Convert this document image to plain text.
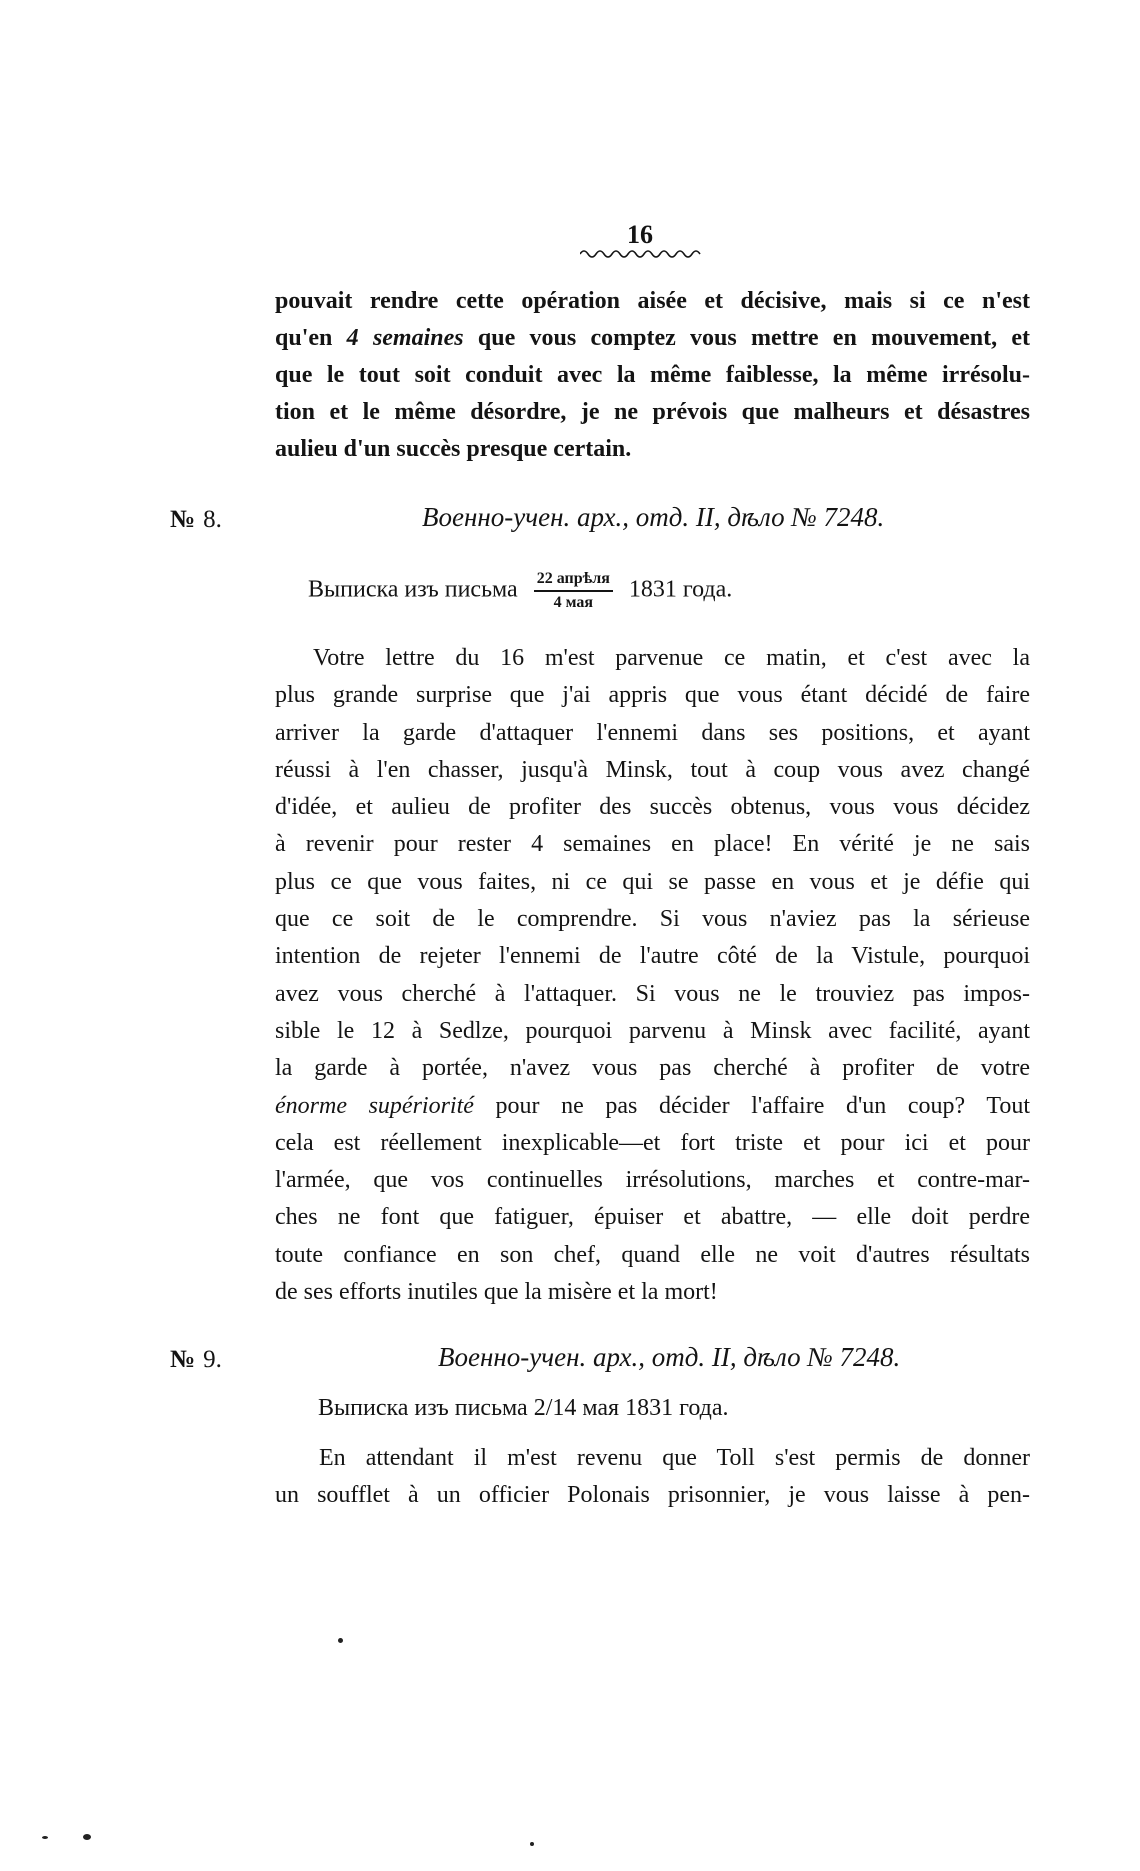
16
pouvait rendre cette opération aisée et décisive, mais si ce n'est
qu'en 4 semaines que vous comptez vous mettre en mouvement, et
que le tout soit conduit avec la même faiblesse, la même irrésolu-
tion et le même désordre, je ne prévois que malheurs et désastres
aulieu d'un succès presque certain.
№ 8.	Военно-учен. арх., отд. II, дѣло № 7248.
Выписка изъ письма $\frac{\text{22 апрѣля}}{\text{4 мая}} 1831$ года.
Votre lettre du 16 m'est parvenue ce matin, et c'est avec la
plus grande surprise que j'ai appris que vous étant décidé de faire
arriver la garde d'attaquer l'ennemi dans ses positions, et ayant
réussi à l'en chasser, jusqu'à Minsk, tout à coup vous avez changé
d'idée, et aulieu de profiter des succès obtenus, vous vous décidez
à revenir pour rester 4 semaines en place! En vérité je ne sais
plus ce que vous faites, ni ce qui se passe en vous et je défie qui
que ce soit de le comprendre. Si vous n'aviez pas la sérieuse
intention de rejeter l'ennemi de l'autre côté de la Vistule, pourquoi
avez vous cherché à l'attaquer. Si vous ne le trouviez pas impos-
sible le 12 à Sedlze, pourquoi parvenu à Minsk avec facilité, ayant
la garde à portée, n'avez vous pas cherché à profiter de votre
énorme supériorité pour ne pas décider l'affaire d'un coup? Tout
cela est réellement inexplicable—et fort triste et pour ici et pour
l'armée, que vos continuelles irrésolutions, marches et contre-mar-
ches ne font que fatiguer, épuiser et abattre, — elle doit perdre
toute confiance en son chef, quand elle ne voit d'autres résultats
de ses efforts inutiles que la misère et la mort!
№ 9.	Военно-учен. арх., отд. II, дѣло № 7248.
Выписка изъ письма 2/14 мая 1831 года.
En attendant il m'est revenu que Toll s'est permis de donner
un soufflet à un officier Polonais prisonnier, je vous laisse à pen-
